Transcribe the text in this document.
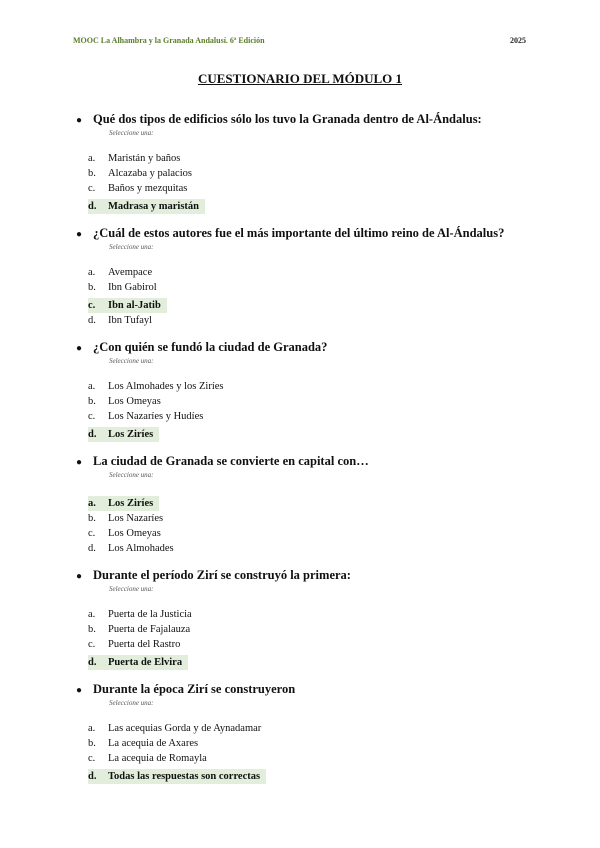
MOOC La Alhambra y la Granada Andalusí. 6ª Edición	2025
CUESTIONARIO DEL MÓDULO 1
● Qué dos tipos de edificios sólo los tuvo la Granada dentro de Al-Ándalus:
Seleccione una:
a.	Maristán y baños
b.	Alcazaba y palacios
c.	Baños y mezquitas
d.	Madrasa y maristán
● ¿Cuál de estos autores fue el más importante del último reino de Al-Ándalus?
Seleccione una:
a.	Avempace
b.	Ibn Gabirol
c.	Ibn al-Jatib
d.	Ibn Tufayl
● ¿Con quién se fundó la ciudad de Granada?
Seleccione una:
a.	Los Almohades y los Ziríes
b.	Los Omeyas
c.	Los Nazaríes y Hudíes
d.	Los Ziríes
● La ciudad de Granada se convierte en capital con…
Seleccione una:
a.	Los Ziríes
b.	Los Nazaríes
c.	Los Omeyas
d.	Los Almohades
● Durante el período Zirí se construyó la primera:
Seleccione una:
a.	Puerta de la Justicia
b.	Puerta de Fajalauza
c.	Puerta del Rastro
d.	Puerta de Elvira
● Durante la época Zirí se construyeron
Seleccione una:
a.	Las acequias Gorda y de Aynadamar
b.	La acequia de Axares
c.	La acequia de Romayla
d.	Todas las respuestas son correctas
